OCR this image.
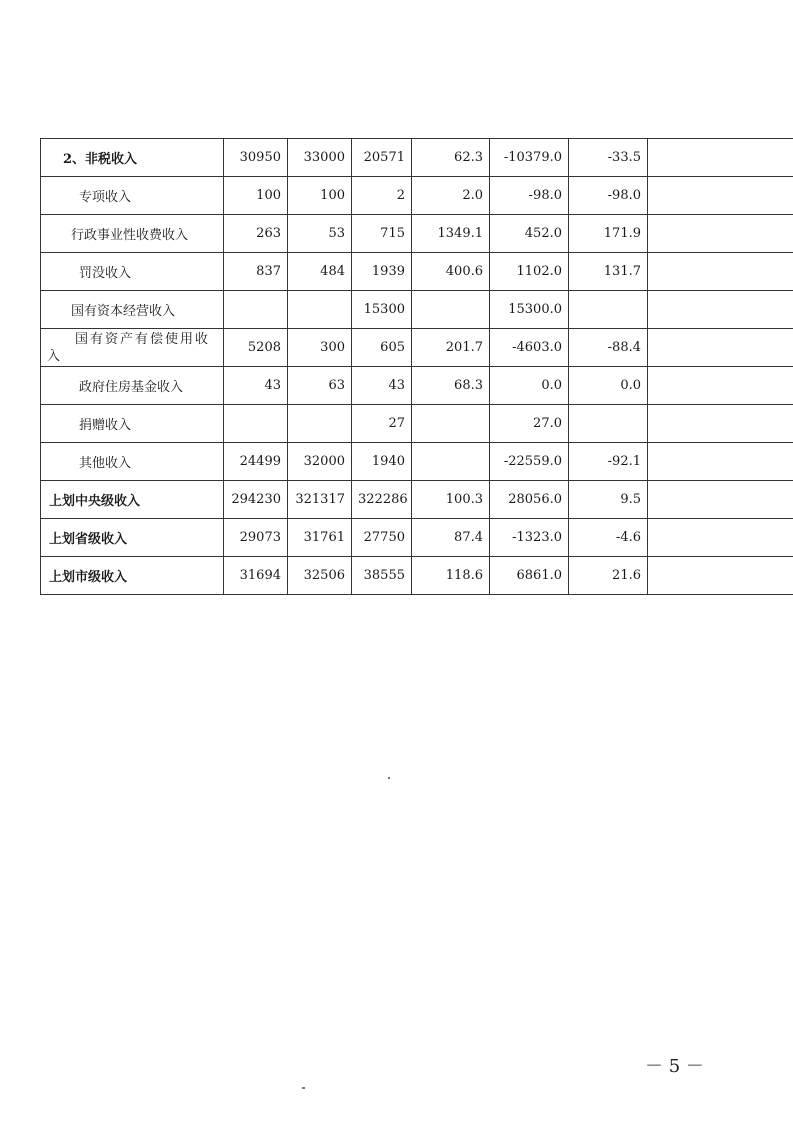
2、非税收入	30950	33000	20571	62.3	-10379.0	-33.5	
专项收入	100	100	2	2.0	-98.0	-98.0	
行政事业性收费收入	263	53	715	1349.1	452.0	171.9	
罚没收入	837	484	1939	400.6	1102.0	131.7	
国有资本经营收入			15300		15300.0		

国有资产有偿使用收
入	5208	300	605	201.7	-4603.0	-88.4	
政府住房基金收入	43	63	43	68.3	0.0	0.0	
捐赠收入			27		27.0		
其他收入	24499	32000	1940		-22559.0	-92.1	
上划中央级收入	294230	321317	322286	100.3	28056.0	9.5	
上划省级收入	29073	31761	27750	87.4	-1323.0	-4.6	
上划市级收入	31694	32506	38555	118.6	6861.0	21.6	
－ 5 －
